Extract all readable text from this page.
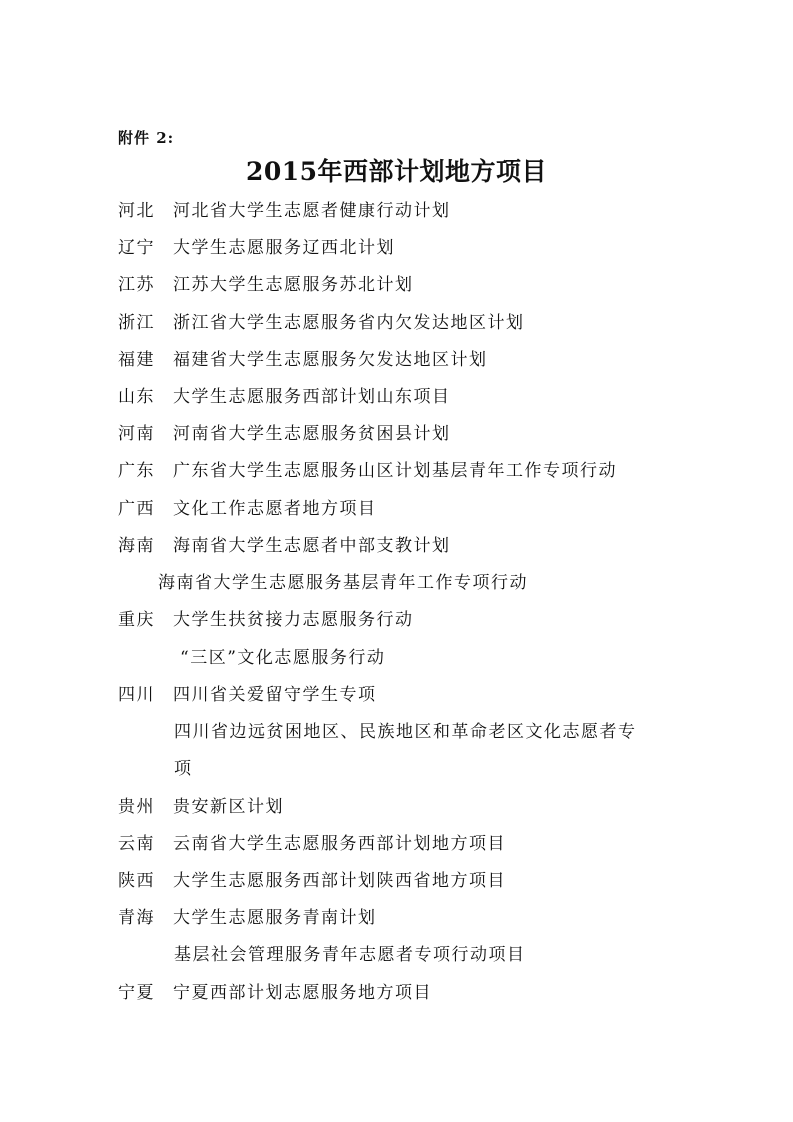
附件 2:
2015年西部计划地方项目
河北 河北省大学生志愿者健康行动计划
辽宁 大学生志愿服务辽西北计划
江苏 江苏大学生志愿服务苏北计划
浙江 浙江省大学生志愿服务省内欠发达地区计划
福建 福建省大学生志愿服务欠发达地区计划
山东 大学生志愿服务西部计划山东项目
河南 河南省大学生志愿服务贫困县计划
广东 广东省大学生志愿服务山区计划基层青年工作专项行动
广西 文化工作志愿者地方项目
海南 海南省大学生志愿者中部支教计划
海南省大学生志愿服务基层青年工作专项行动
重庆 大学生扶贫接力志愿服务行动
“三区”文化志愿服务行动
四川 四川省关爱留守学生专项
四川省边远贫困地区、民族地区和革命老区文化志愿者专
项
贵州 贵安新区计划
云南 云南省大学生志愿服务西部计划地方项目
陕西 大学生志愿服务西部计划陕西省地方项目
青海 大学生志愿服务青南计划
基层社会管理服务青年志愿者专项行动项目
宁夏 宁夏西部计划志愿服务地方项目
